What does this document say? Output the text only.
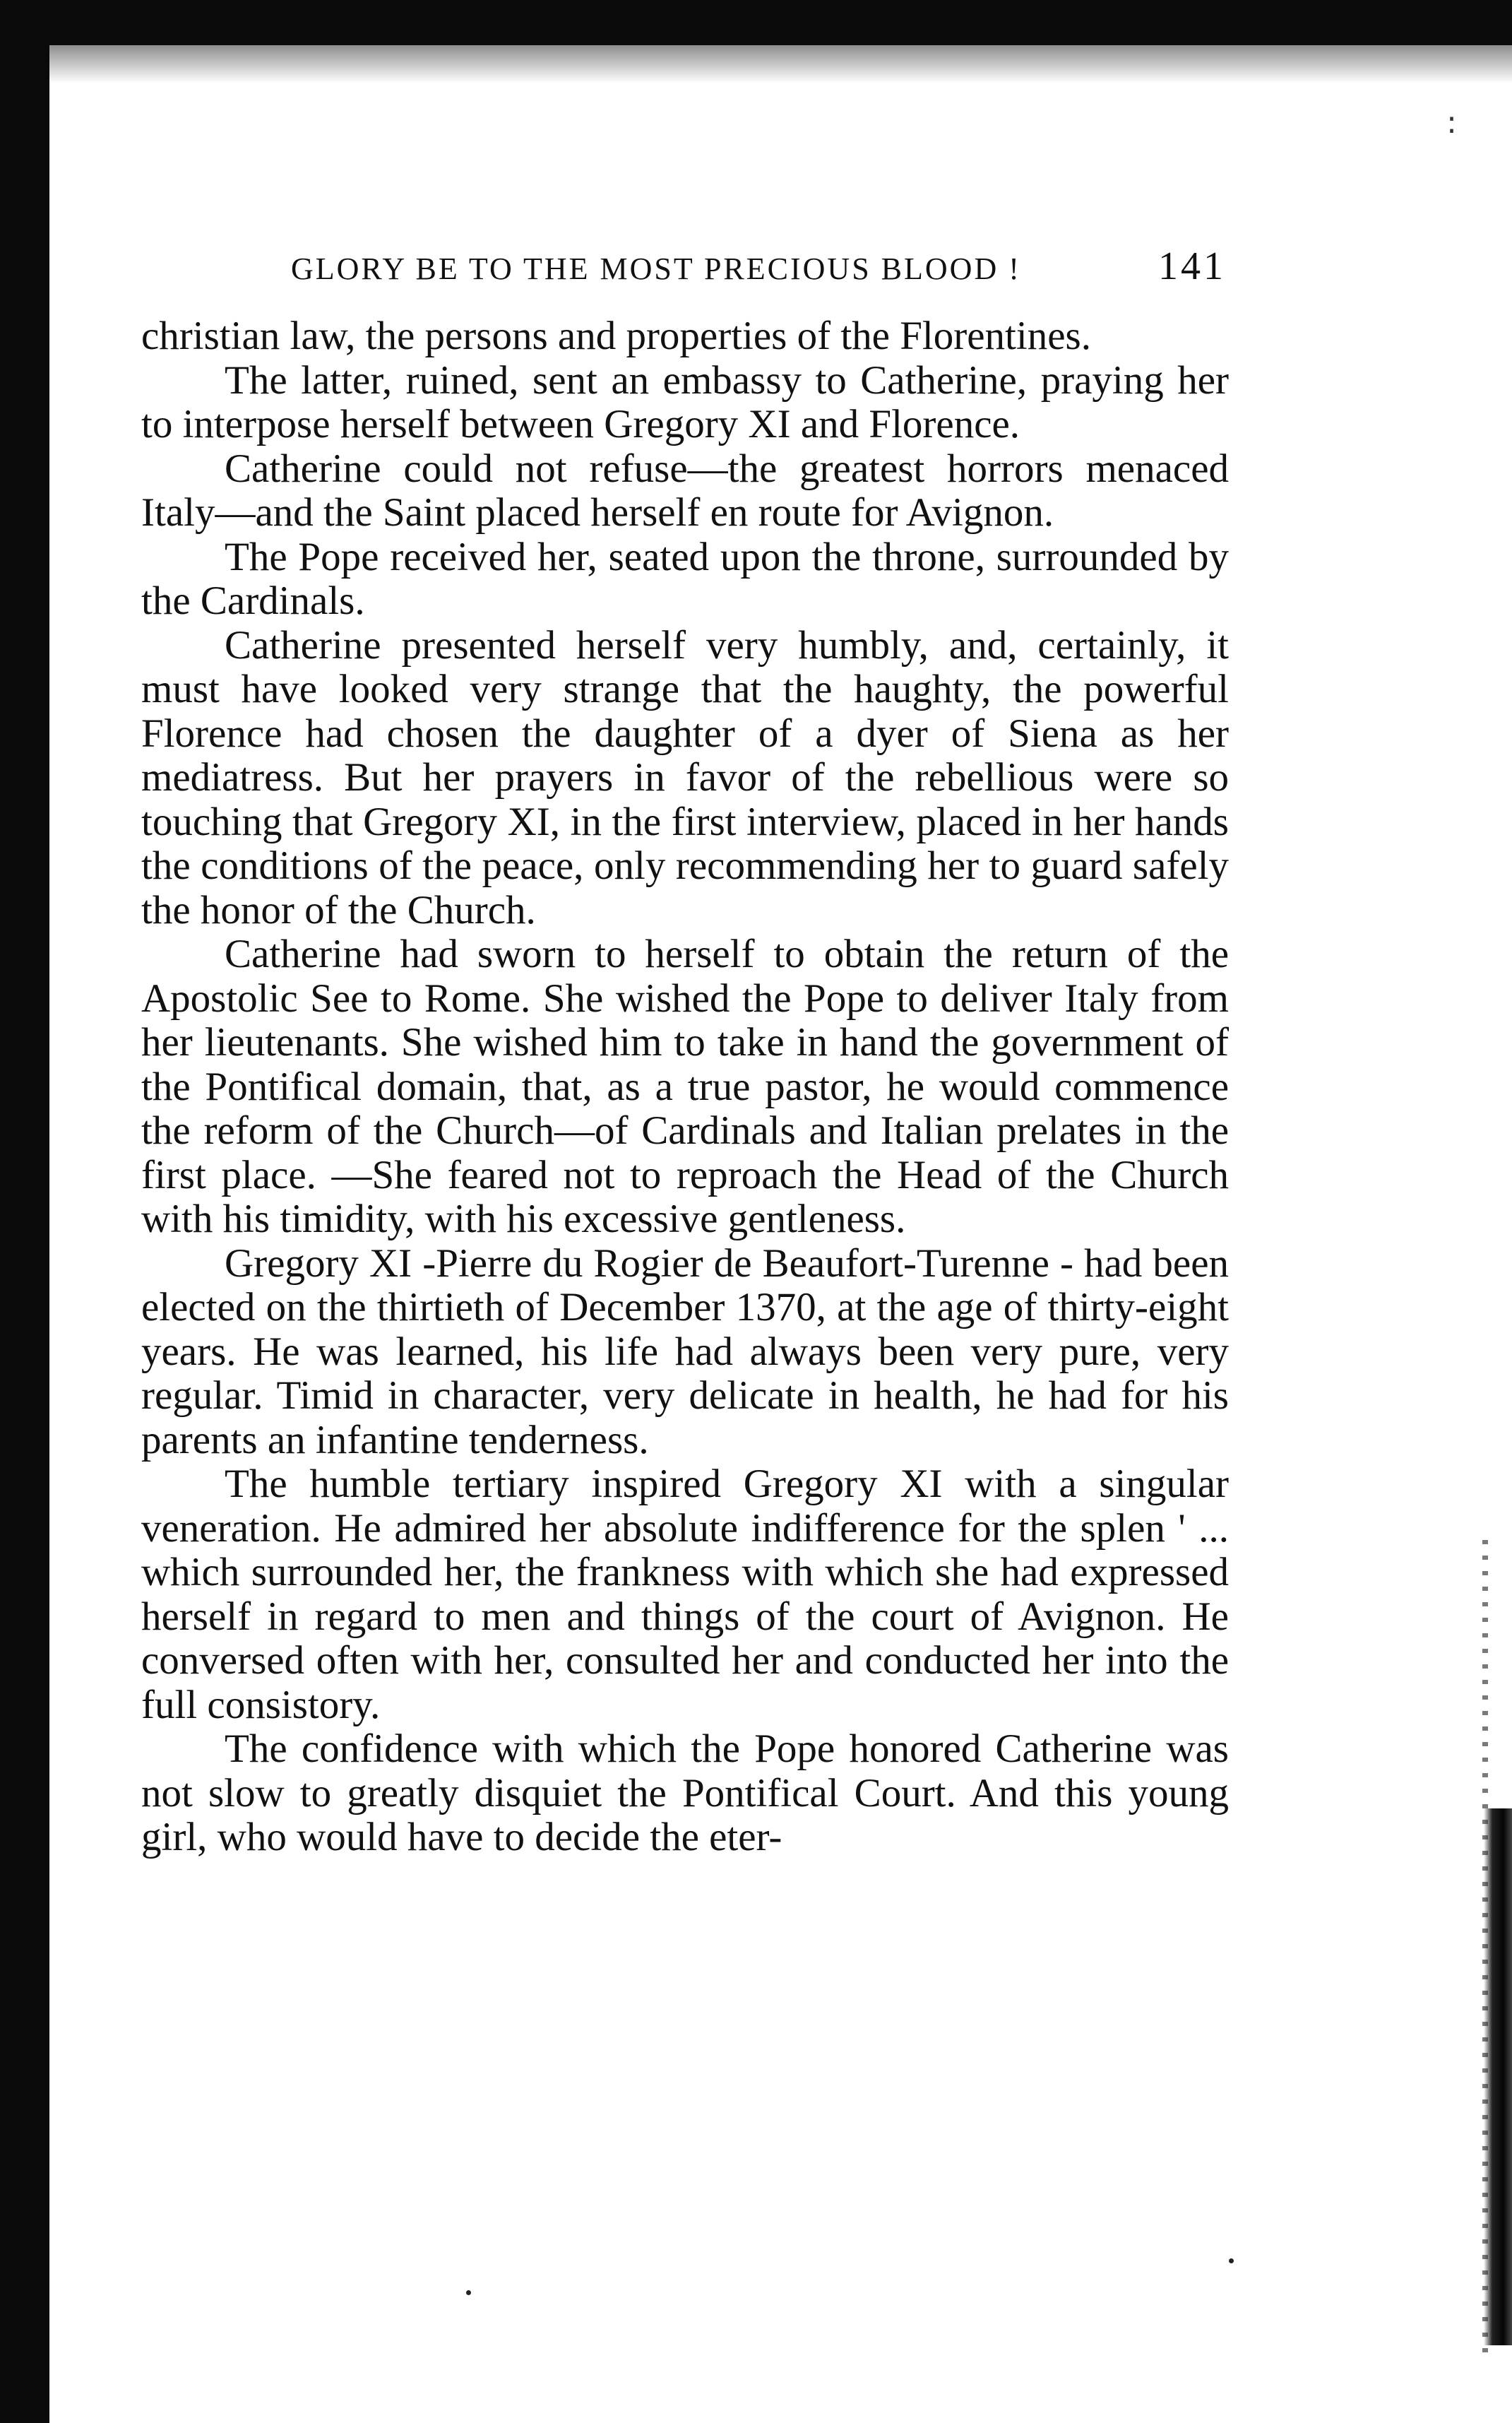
:
GLORY BE TO THE MOST PRECIOUS BLOOD !	141

christian law, the persons and properties of the Florentines.

The latter, ruined, sent an embassy to Catherine, praying her to interpose herself between Gregory XI and Florence.

Catherine could not refuse—the greatest horrors menaced Italy—and the Saint placed herself en route for Avignon.

The Pope received her, seated upon the throne, surrounded by the Cardinals.

Catherine presented herself very humbly, and, certainly, it must have looked very strange that the haughty, the powerful Florence had chosen the daughter of a dyer of Siena as her mediatress. But her prayers in favor of the rebellious were so touching that Gregory XI, in the first interview, placed in her hands the conditions of the peace, only recommending her to guard safely the honor of the Church.

Catherine had sworn to herself to obtain the return of the Apostolic See to Rome. She wished the Pope to deliver Italy from her lieutenants. She wished him to take in hand the government of the Pontifical domain, that, as a true pastor, he would commence the reform of the Church—of Cardinals and Italian prelates in the first place. —She feared not to reproach the Head of the Church with his timidity, with his excessive gentleness.

Gregory XI -Pierre du Rogier de Beaufort-Turenne - had been elected on the thirtieth of December 1370, at the age of thirty-eight years. He was learned, his life had always been very pure, very regular. Timid in character, very delicate in health, he had for his parents an infantine tenderness.

The humble tertiary inspired Gregory XI with a singular veneration. He admired her absolute indifference for the splen ' ... which surrounded her, the frankness with which she had expressed herself in regard to men and things of the court of Avignon. He conversed often with her, consulted her and conducted her into the full consistory.

The confidence with which the Pope honored Catherine was not slow to greatly disquiet the Pontifical Court. And this young girl, who would have to decide the eter-
